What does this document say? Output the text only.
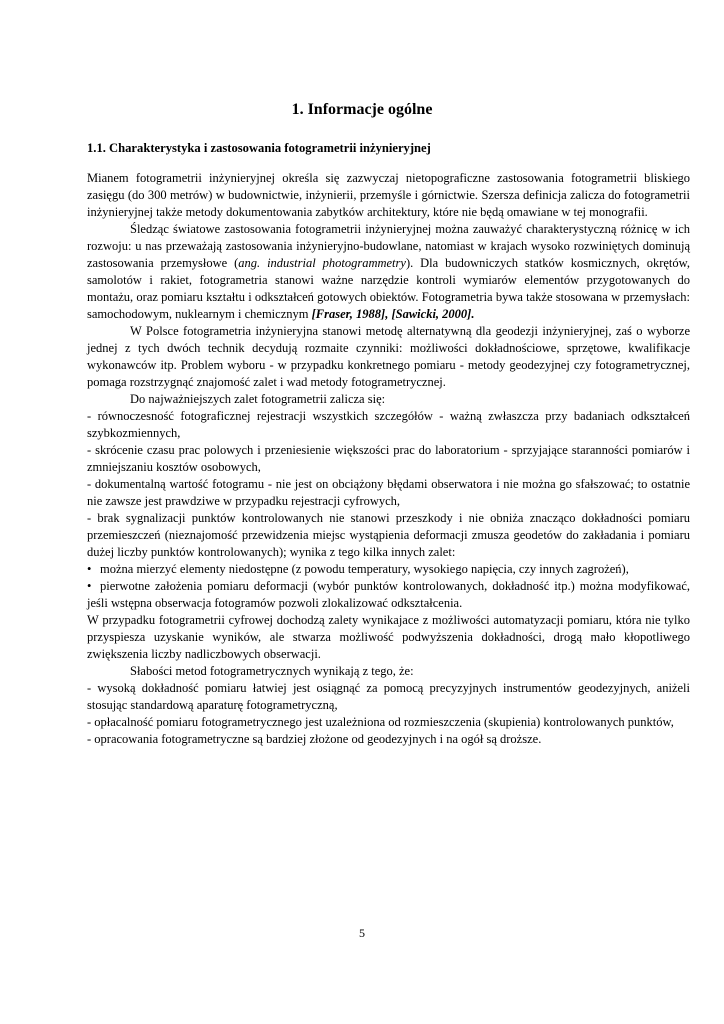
1. Informacje ogólne
1.1. Charakterystyka i zastosowania fotogrametrii inżynieryjnej

Mianem fotogrametrii inżynieryjnej określa się zazwyczaj nietopograficzne zastosowania fotogrametrii bliskiego zasięgu (do 300 metrów) w budownictwie, inżynierii, przemyśle i górnictwie. Szersza definicja zalicza do fotogrametrii inżynieryjnej także metody dokumentowania zabytków architektury, które nie będą omawiane w tej monografii.

Śledząc światowe zastosowania fotogrametrii inżynieryjnej można zauważyć charakterystyczną różnicę w ich rozwoju: u nas przeważają zastosowania inżynieryjno-budowlane, natomiast w krajach wysoko rozwiniętych dominują zastosowania przemysłowe (ang. industrial photogrammetry). Dla budowniczych statków kosmicznych, okrętów, samolotów i rakiet, fotogrametria stanowi ważne narzędzie kontroli wymiarów elementów przygotowanych do montażu, oraz pomiaru kształtu i odkształceń gotowych obiektów. Fotogrametria bywa także stosowana w przemysłach: samochodowym, nuklearnym i chemicznym [Fraser, 1988], [Sawicki, 2000].

W Polsce fotogrametria inżynieryjna stanowi metodę alternatywną dla geodezji inżynieryjnej, zaś o wyborze jednej z tych dwóch technik decydują rozmaite czynniki: możliwości dokładnościowe, sprzętowe, kwalifikacje wykonawców itp. Problem wyboru - w przypadku konkretnego pomiaru - metody geodezyjnej czy fotogrametrycznej, pomaga rozstrzygnąć znajomość zalet i wad metody fotogrametrycznej.

Do najważniejszych zalet fotogrametrii zalicza się:

- równoczesność fotograficznej rejestracji wszystkich szczegółów - ważną zwłaszcza przy badaniach odkształceń szybkozmiennych,

- skrócenie czasu prac polowych i przeniesienie większości prac do laboratorium - sprzyjające staranności pomiarów i zmniejszaniu kosztów osobowych,

- dokumentalną wartość fotogramu - nie jest on obciążony błędami obserwatora i nie można go sfałszować; to ostatnie nie zawsze jest prawdziwe w przypadku rejestracji cyfrowych,

- brak sygnalizacji punktów kontrolowanych nie stanowi przeszkody i nie obniża znacząco dokładności pomiaru przemieszczeń (nieznajomość przewidzenia miejsc wystąpienia deformacji zmusza geodetów do zakładania i pomiaru dużej liczby punktów kontrolowanych); wynika z tego kilka innych zalet:

• można mierzyć elementy niedostępne (z powodu temperatury, wysokiego napięcia, czy innych zagrożeń),

• pierwotne założenia pomiaru deformacji (wybór punktów kontrolowanych, dokładność itp.) można modyfikować, jeśli wstępna obserwacja fotogramów pozwoli zlokalizować odkształcenia.

W przypadku fotogrametrii cyfrowej dochodzą zalety wynikajace z możliwości automatyzacji pomiaru, która nie tylko przyspiesza uzyskanie wyników, ale stwarza możliwość podwyższenia dokładności, drogą mało kłopotliwego zwiększenia liczby nadliczbowych obserwacji.

Słabości metod fotogrametrycznych wynikają z tego, że:

- wysoką dokładność pomiaru łatwiej jest osiągnąć za pomocą precyzyjnych instrumentów geodezyjnych, aniżeli stosując standardową aparaturę fotogrametryczną,

- opłacalność pomiaru fotogrametrycznego jest uzależniona od rozmieszczenia (skupienia) kontrolowanych punktów,

- opracowania fotogrametryczne są bardziej złożone od geodezyjnych i na ogół są droższe.

5
